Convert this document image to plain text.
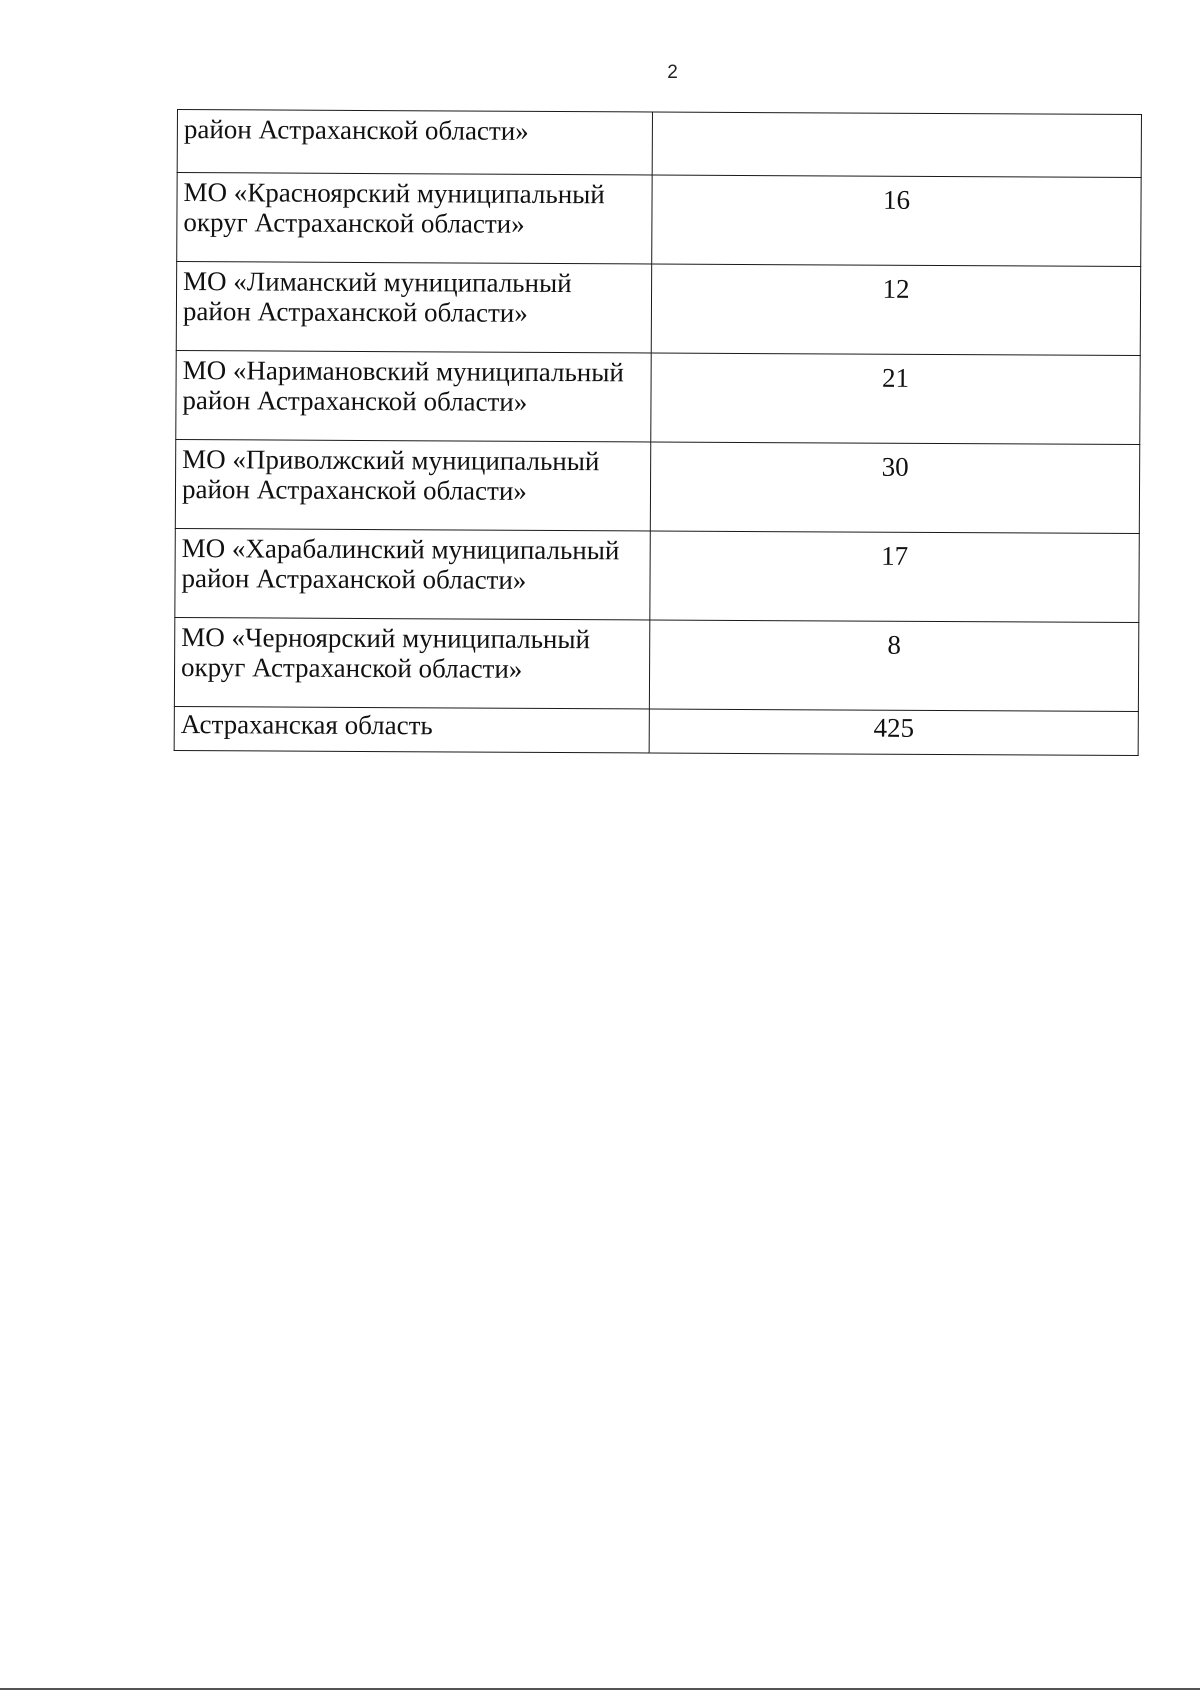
2
район Астраханской области»	
МО «Красноярский муниципальный округ Астраханской области»	16
МО «Лиманский муниципальный район Астраханской области»	12
МО «Наримановский муниципальный район Астраханской области»	21
МО «Приволжский муниципальный район Астраханской области»	30
МО «Харабалинский муниципальный район Астраханской области»	17
МО «Черноярский муниципальный округ Астраханской области»	8
Астраханская область	425
